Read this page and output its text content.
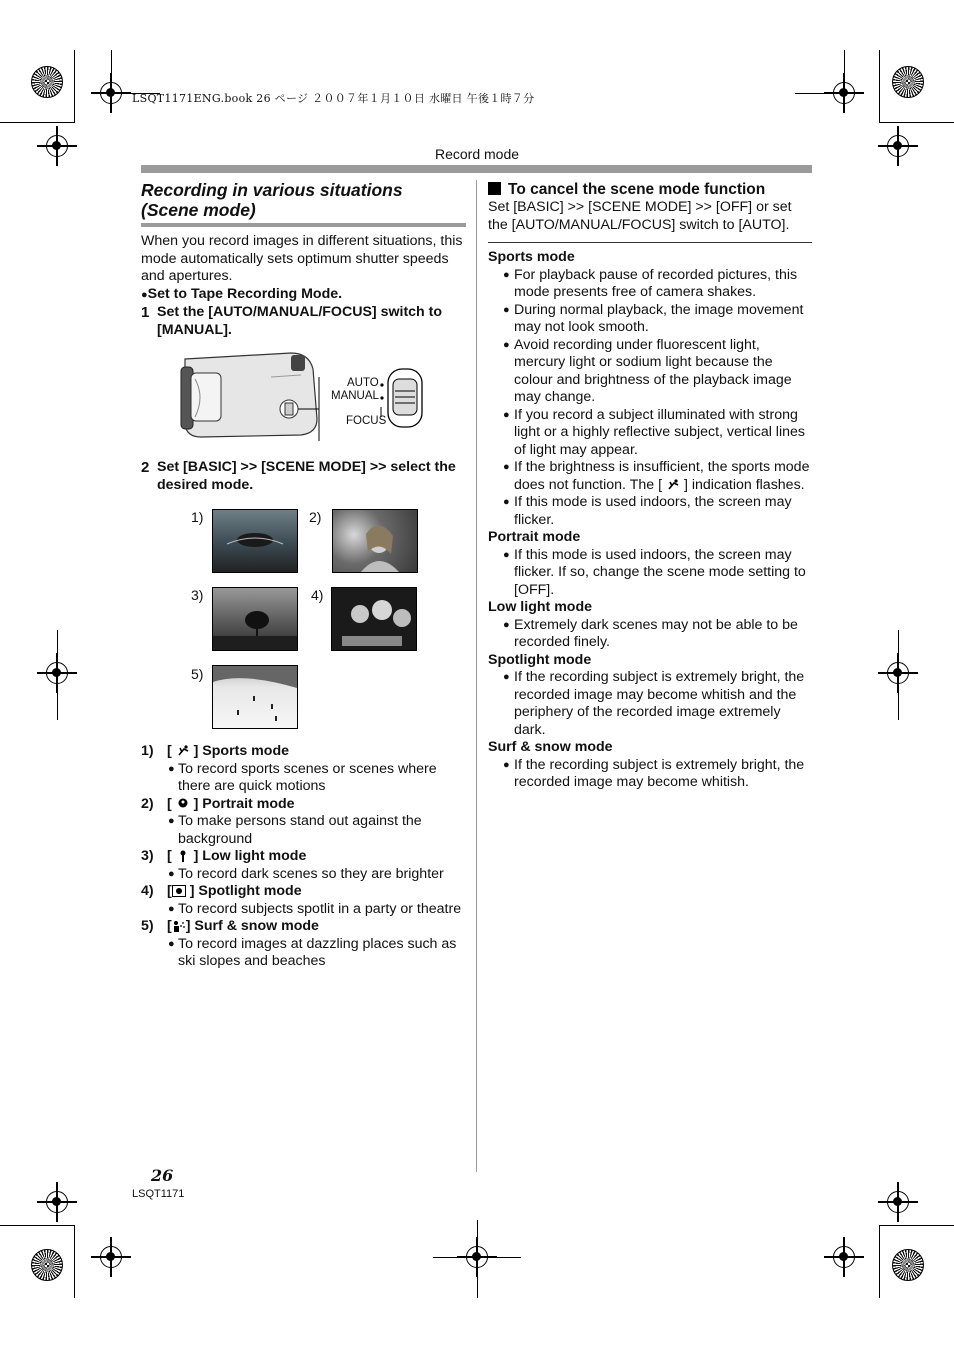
LSQT1171ENG.book 26 ページ ２００７年１月１０日 水曜日 午後１時７分
Record mode
Recording in various situations
(Scene mode)
When you record images in different situations, this mode automatically sets optimum shutter speeds and apertures.
●Set to Tape Recording Mode.
1 Set the [AUTO/MANUAL/FOCUS] switch to [MANUAL].
AUTO
MANUAL
FOCUS
2 Set [BASIC] >> [SCENE MODE] >> select the desired mode.
1)	2)
3)	4)
5)
1) [ ] Sports mode
● To record sports scenes or scenes where there are quick motions
2) [ ] Portrait mode
● To make persons stand out against the background
3) [ ] Low light mode
● To record dark scenes so they are brighter
4) [ ] Spotlight mode
● To record subjects spotlit in a party or theatre
5) [ ] Surf & snow mode
● To record images at dazzling places such as ski slopes and beaches
To cancel the scene mode function
Set [BASIC] >> [SCENE MODE] >> [OFF] or set the [AUTO/MANUAL/FOCUS] switch to [AUTO].
Sports mode
● For playback pause of recorded pictures, this mode presents free of camera shakes.
● During normal playback, the image movement may not look smooth.
● Avoid recording under fluorescent light, mercury light or sodium light because the colour and brightness of the playback image may change.
● If you record a subject illuminated with strong light or a highly reflective subject, vertical lines of light may appear.
● If the brightness is insufficient, the sports mode does not function. The [ ] indication flashes.
● If this mode is used indoors, the screen may flicker.
Portrait mode
● If this mode is used indoors, the screen may flicker. If so, change the scene mode setting to [OFF].
Low light mode
● Extremely dark scenes may not be able to be recorded finely.
Spotlight mode
● If the recording subject is extremely bright, the recorded image may become whitish and the periphery of the recorded image extremely dark.
Surf & snow mode
● If the recording subject is extremely bright, the recorded image may become whitish.
26
LSQT1171
